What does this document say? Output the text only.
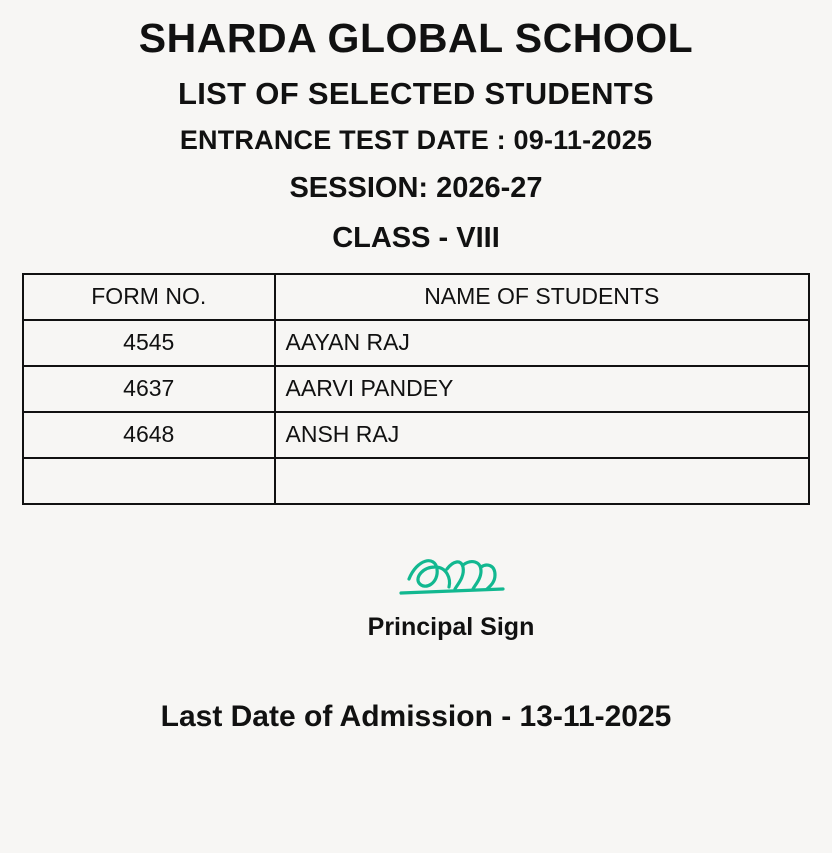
SHARDA GLOBAL SCHOOL
LIST OF SELECTED STUDENTS
ENTRANCE TEST DATE : 09-11-2025
SESSION: 2026-27
CLASS - VIII
FORM NO.	NAME OF STUDENTS
4545	AAYAN RAJ
4637	AARVI PANDEY
4648	ANSH RAJ

Principal Sign
Last Date of Admission - 13-11-2025
